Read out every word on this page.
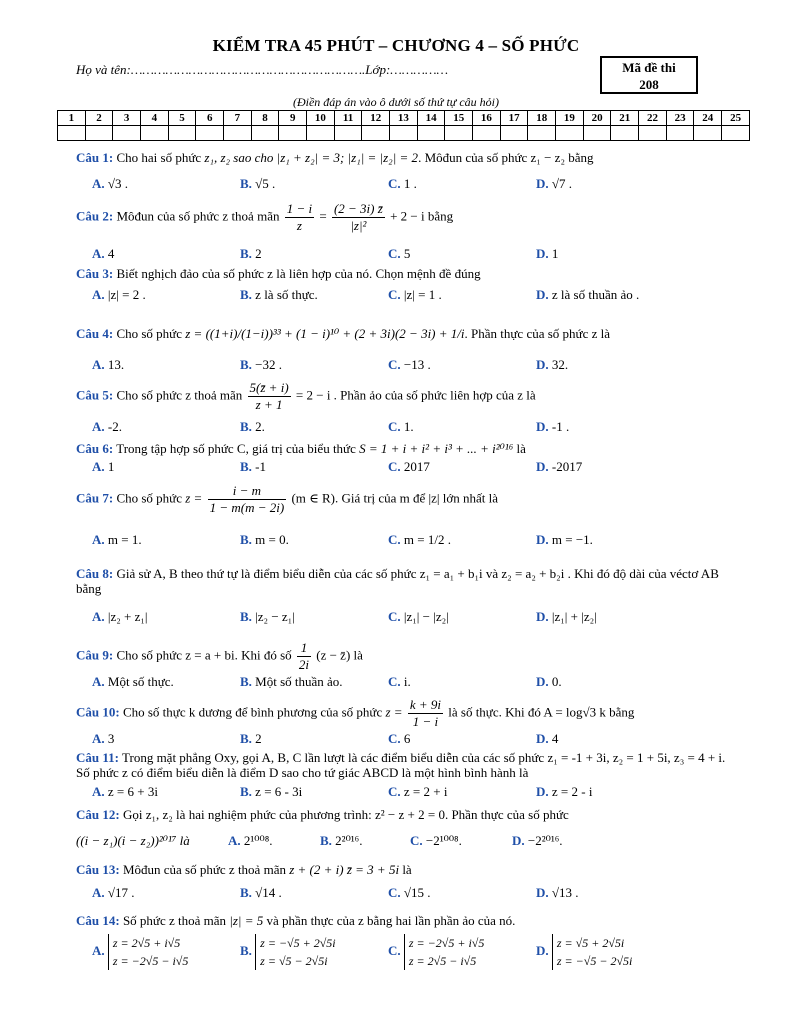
KIỂM TRA 45 PHÚT – CHƯƠNG 4 – SỐ PHỨC
Họ và tên:…………………………………………………….Lớp:……………	Mã đề thi
208
(Điền đáp án vào ô dưới số thứ tự câu hỏi)
1	2	3	4	5	6	7	8	9	10	11	12	13	14	15	16	17	18	19	20	21	22	23	24	25

Câu 1: Cho hai số phức z₁, z₂ sao cho |z₁ + z₂| = 3; |z₁| = |z₂| = 2. Môđun của số phức z₁ − z₂ bằng
A. √3 .	B. √5 .	C. 1 .	D. √7 .
Câu 2: Môđun của số phức z thoả mãn $\frac{1 - i}{z} = \frac{(2 - 3i) z̄}{\text{|z|²}} + 2 - i$ bằng
A. 4	B. 2	C. 5	D. 1
Câu 3: Biết nghịch đảo của số phức z là liên hợp của nó. Chọn mệnh đề đúng
A. |z| = 2 .	B. z là số thực.	C. |z| = 1 .	D. z là số thuần ảo .
Câu 4: Cho số phức z = ((1+i)/(1−i))³³ + (1 − i)¹⁰ + (2 + 3i)(2 − 3i) + 1/i. Phần thực của số phức z là
A. 13.	B. −32 .	C. −13 .	D. 32.
Câu 5: Cho số phức z thoả mãn $\frac{5(z̄ + i)}{z + 1} = 2 - i$ . Phần ảo của số phức liên hợp của z là
A. -2.	B. 2.	C. 1.	D. -1 .
Câu 6: Trong tập hợp số phức C, giá trị của biểu thức S = 1 + i + i² + i³ + ... + i²⁰¹⁶ là
A. 1	B. -1	C. 2017	D. -2017
Câu 7: Cho số phức $z = \frac{i - m}{1 - m(m - 2i)} (m$ ∈ R). Giá trị của m để |z| lớn nhất là
A. m = 1.	B. m = 0.	C. m = 1/2 .	D. m = −1.
Câu 8: Giả sử A, B theo thứ tự là điểm biểu diễn của các số phức z₁ = a₁ + b₁i và z₂ = a₂ + b₂i . Khi đó độ dài của véctơ AB bằng
A. |z₂ + z₁|	B. |z₂ − z₁|	C. |z₁| − |z₂|	D. |z₁| + |z₂|
Câu 9: Cho số phức z = a + bi. Khi đó số $\frac{1}{2i} (z$ − z̄) là
A. Một số thực.	B. Một số thuần ảo.	C. i.	D. 0.
Câu 10: Cho số thực k dương để bình phương của số phức $z = \frac{k + 9i}{1 - i}$ là số thực. Khi đó A = log√3 k bằng
A. 3	B. 2	C. 6	D. 4
Câu 11: Trong mặt phẳng Oxy, gọi A, B, C lần lượt là các điểm biểu diễn của các số phức z₁ = -1 + 3i, z₂ = 1 + 5i, z₃ = 4 + i. Số phức z có điểm biểu diễn là điểm D sao cho tứ giác ABCD là một hình bình hành là
A. z = 6 + 3i	B. z = 6 - 3i	C. z = 2 + i	D. z = 2 - i
Câu 12: Gọi z₁, z₂ là hai nghiệm phức của phương trình: z² − z + 2 = 0. Phần thực của số phức
((i − z₁)(i − z₂))²⁰¹⁷ là	A. 2¹⁰⁰⁸.	B. 2²⁰¹⁶.	C. −2¹⁰⁰⁸.	D. −2²⁰¹⁶.
Câu 13: Môđun của số phức z thoả mãn z + (2 + i) z̄ = 3 + 5i là
A. √17 .	B. √14 .	C. √15 .	D. √13 .
Câu 14: Số phức z thoả mãn |z| = 5 và phần thực của z bằng hai lần phần ảo của nó.
A. z = 2√5 + i√5
z = −2√5 − i√5
B. z = −√5 + 2√5i
z = √5 − 2√5i
C. z = −2√5 + i√5
z = 2√5 − i√5
D. z = √5 + 2√5i
z = −√5 − 2√5i
